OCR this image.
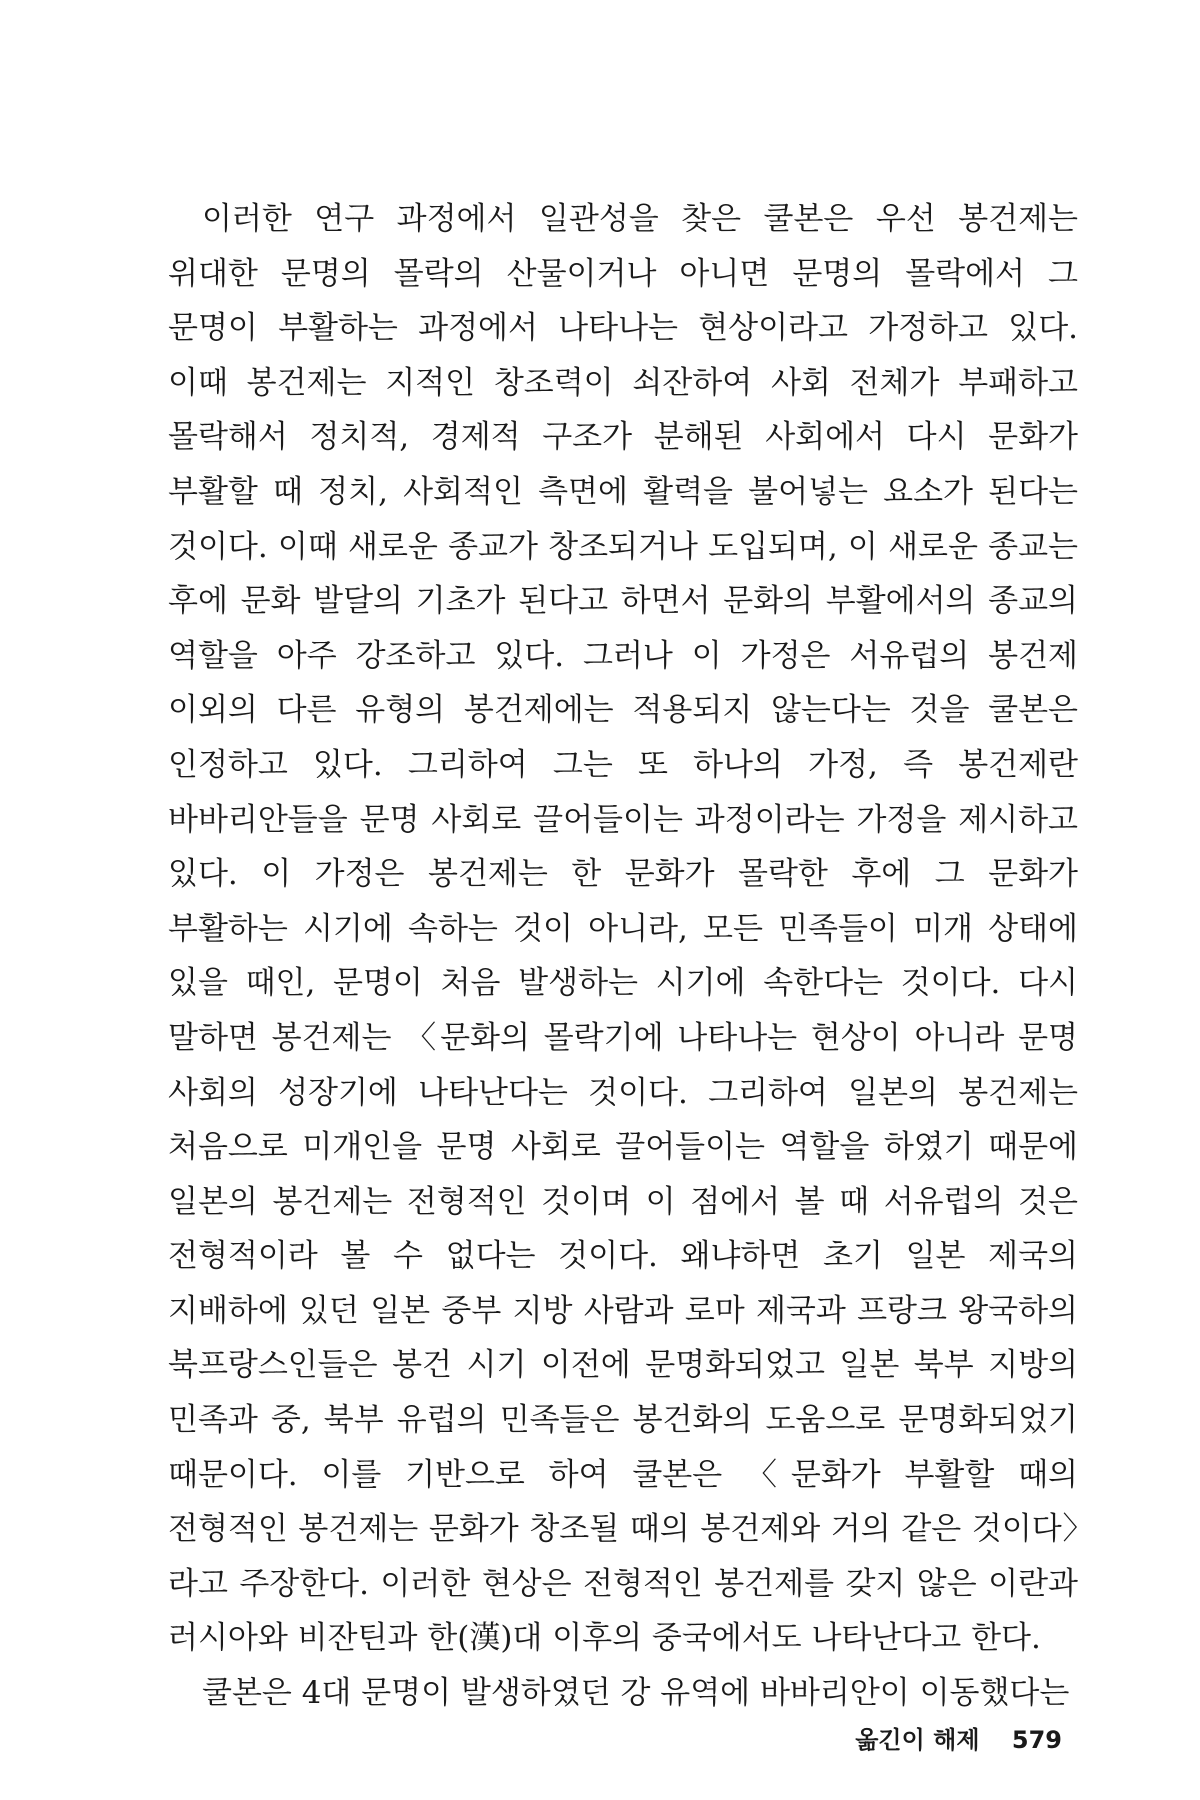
이러한 연구 과정에서 일관성을 찾은 쿨본은 우선 봉건제는 위대한 문명의 몰락의 산물이거나 아니면 문명의 몰락에서 그 문명이 부활하는 과정에서 나타나는 현상이라고 가정하고 있다. 이때 봉건제는 지적인 창조력이 쇠잔하여 사회 전체가 부패하고 몰락해서 정치적, 경제적 구조가 분해된 사회에서 다시 문화가 부활할 때 정치, 사회적인 측면에 활력을 불어넣는 요소가 된다는 것이다. 이때 새로운 종교가 창조되거나 도입되며, 이 새로운 종교는 후에 문화 발달의 기초가 된다고 하면서 문화의 부활에서의 종교의 역할을 아주 강조하고 있다. 그러나 이 가정은 서유럽의 봉건제 이외의 다른 유형의 봉건제에는 적용되지 않는다는 것을 쿨본은 인정하고 있다. 그리하여 그는 또 하나의 가정, 즉 봉건제란 바바리안들을 문명 사회로 끌어들이는 과정이라는 가정을 제시하고 있다. 이 가정은 봉건제는 한 문화가 몰락한 후에 그 문화가 부활하는 시기에 속하는 것이 아니라, 모든 민족들이 미개 상태에 있을 때인, 문명이 처음 발생하는 시기에 속한다는 것이다. 다시 말하면 봉건제는 〈문화의 몰락기에 나타나는 현상이 아니라 문명 사회의 성장기에 나타난다는 것이다. 그리하여 일본의 봉건제는 처음으로 미개인을 문명 사회로 끌어들이는 역할을 하였기 때문에 일본의 봉건제는 전형적인 것이며 이 점에서 볼 때 서유럽의 것은 전형적이라 볼 수 없다는 것이다. 왜냐하면 초기 일본 제국의 지배하에 있던 일본 중부 지방 사람과 로마 제국과 프랑크 왕국하의 북프랑스인들은 봉건 시기 이전에 문명화되었고 일본 북부 지방의 민족과 중, 북부 유럽의 민족들은 봉건화의 도움으로 문명화되었기 때문이다. 이를 기반으로 하여 쿨본은 〈문화가 부활할 때의 전형적인 봉건제는 문화가 창조될 때의 봉건제와 거의 같은 것이다〉라고 주장한다. 이러한 현상은 전형적인 봉건제를 갖지 않은 이란과 러시아와 비잔틴과 한(漢)대 이후의 중국에서도 나타난다고 한다.

쿨본은 4대 문명이 발생하였던 강 유역에 바바리안이 이동했다는

옮긴이 해제 579
